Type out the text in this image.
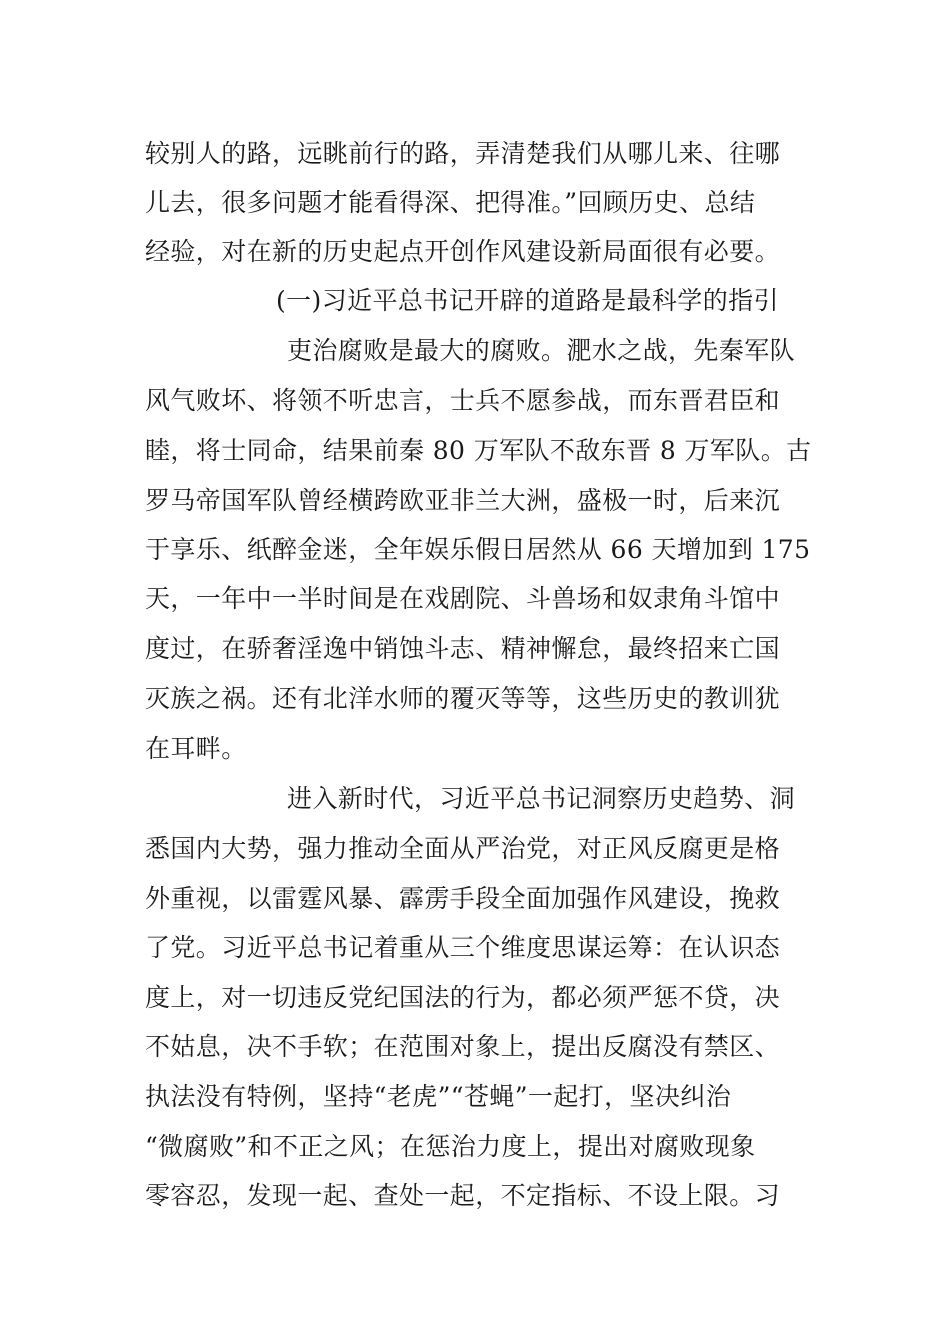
较别人的路，远眺前行的路，弄清楚我们从哪儿来、往哪
儿去，很多问题才能看得深、把得准。”回顾历史、总结
经验，对在新的历史起点开创作风建设新局面很有必要。
(一)习近平总书记开辟的道路是最科学的指引
吏治腐败是最大的腐败。淝水之战，先秦军队
风气败坏、将领不听忠言，士兵不愿参战，而东晋君臣和
睦，将士同命，结果前秦 80 万军队不敌东晋 8 万军队。古
罗马帝国军队曾经横跨欧亚非兰大洲，盛极一时，后来沉
于享乐、纸醉金迷，全年娱乐假日居然从 66 天增加到 175
天，一年中一半时间是在戏剧院、斗兽场和奴隶角斗馆中
度过，在骄奢淫逸中销蚀斗志、精神懈怠，最终招来亡国
灭族之祸。还有北洋水师的覆灭等等，这些历史的教训犹
在耳畔。
进入新时代，习近平总书记洞察历史趋势、洞
悉国内大势，强力推动全面从严治党，对正风反腐更是格
外重视，以雷霆风暴、霹雳手段全面加强作风建设，挽救
了党。习近平总书记着重从三个维度思谋运筹：在认识态
度上，对一切违反党纪国法的行为，都必须严惩不贷，决
不姑息，决不手软；在范围对象上，提出反腐没有禁区、
执法没有特例，坚持“老虎”“苍蝇”一起打，坚决纠治
“微腐败”和不正之风；在惩治力度上，提出对腐败现象
零容忍，发现一起、查处一起，不定指标、不设上限。习
